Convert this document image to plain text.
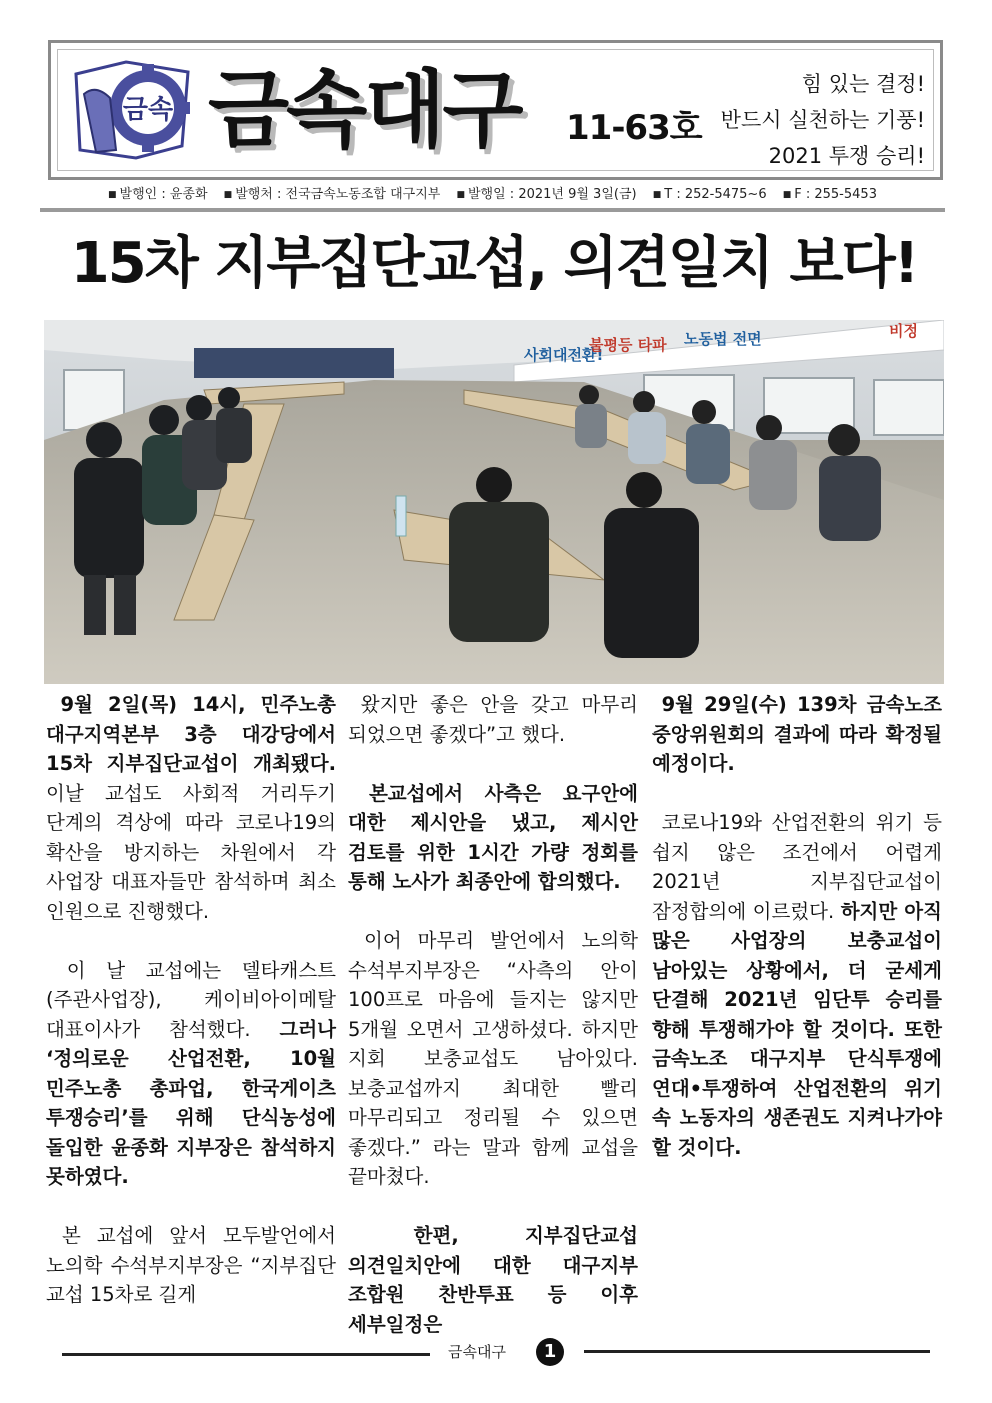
금속 금속대구 11-63호
힘 있는 결정!
반드시 실천하는 기풍!
2021 투쟁 승리!
■ 발행인 : 윤종화 ■ 발행처 : 전국금속노동조합 대구지부 ■ 발행일 : 2021년 9월 3일(금) ■ T : 252-5475~6 ■ F : 255-5453
15차 지부집단교섭, 의견일치 보다!
사회대전환!
불평등 타파 노동법 전면	비정

9월 2일(목) 14시, 민주노총 대구지역본부 3층 대강당에서 15차 지부집단교섭이 개최됐다. 이날 교섭도 사회적 거리두기 단계의 격상에 따라 코로나19의 확산을 방지하는 차원에서 각 사업장 대표자들만 참석하며 최소 인원으로 진행했다.

이 날 교섭에는 델타캐스트(주관사업장), 케이비아이메탈 대표이사가 참석했다. 그러나 ‘정의로운 산업전환, 10월 민주노총 총파업, 한국게이츠 투쟁승리’를 위해 단식농성에 돌입한 윤종화 지부장은 참석하지 못하였다.

본 교섭에 앞서 모두발언에서 노의학 수석부지부장은 “지부집단 교섭 15차로 길게

왔지만 좋은 안을 갖고 마무리 되었으면 좋겠다”고 했다.

본교섭에서 사측은 요구안에 대한 제시안을 냈고, 제시안 검토를 위한 1시간 가량 정회를 통해 노사가 최종안에 합의했다.

이어 마무리 발언에서 노의학 수석부지부장은 “사측의 안이 100프로 마음에 들지는 않지만 5개월 오면서 고생하셨다. 하지만 지회 보충교섭도 남아있다. 보충교섭까지 최대한 빨리 마무리되고 정리될 수 있으면 좋겠다.” 라는 말과 함께 교섭을 끝마쳤다.

한편, 지부집단교섭 의견일치안에 대한 대구지부 조합원 찬반투표 등 이후 세부일정은

9월 29일(수) 139차 금속노조 중앙위원회의 결과에 따라 확정될 예정이다.

코로나19와 산업전환의 위기 등 쉽지 않은 조건에서 어렵게 2021년 지부집단교섭이 잠정합의에 이르렀다. 하지만 아직 많은 사업장의 보충교섭이 남아있는 상황에서, 더 굳세게 단결해 2021년 임단투 승리를 향해 투쟁해가야 할 것이다. 또한 금속노조 대구지부 단식투쟁에 연대•투쟁하여 산업전환의 위기 속 노동자의 생존권도 지켜나가야 할 것이다.

금속대구	1
